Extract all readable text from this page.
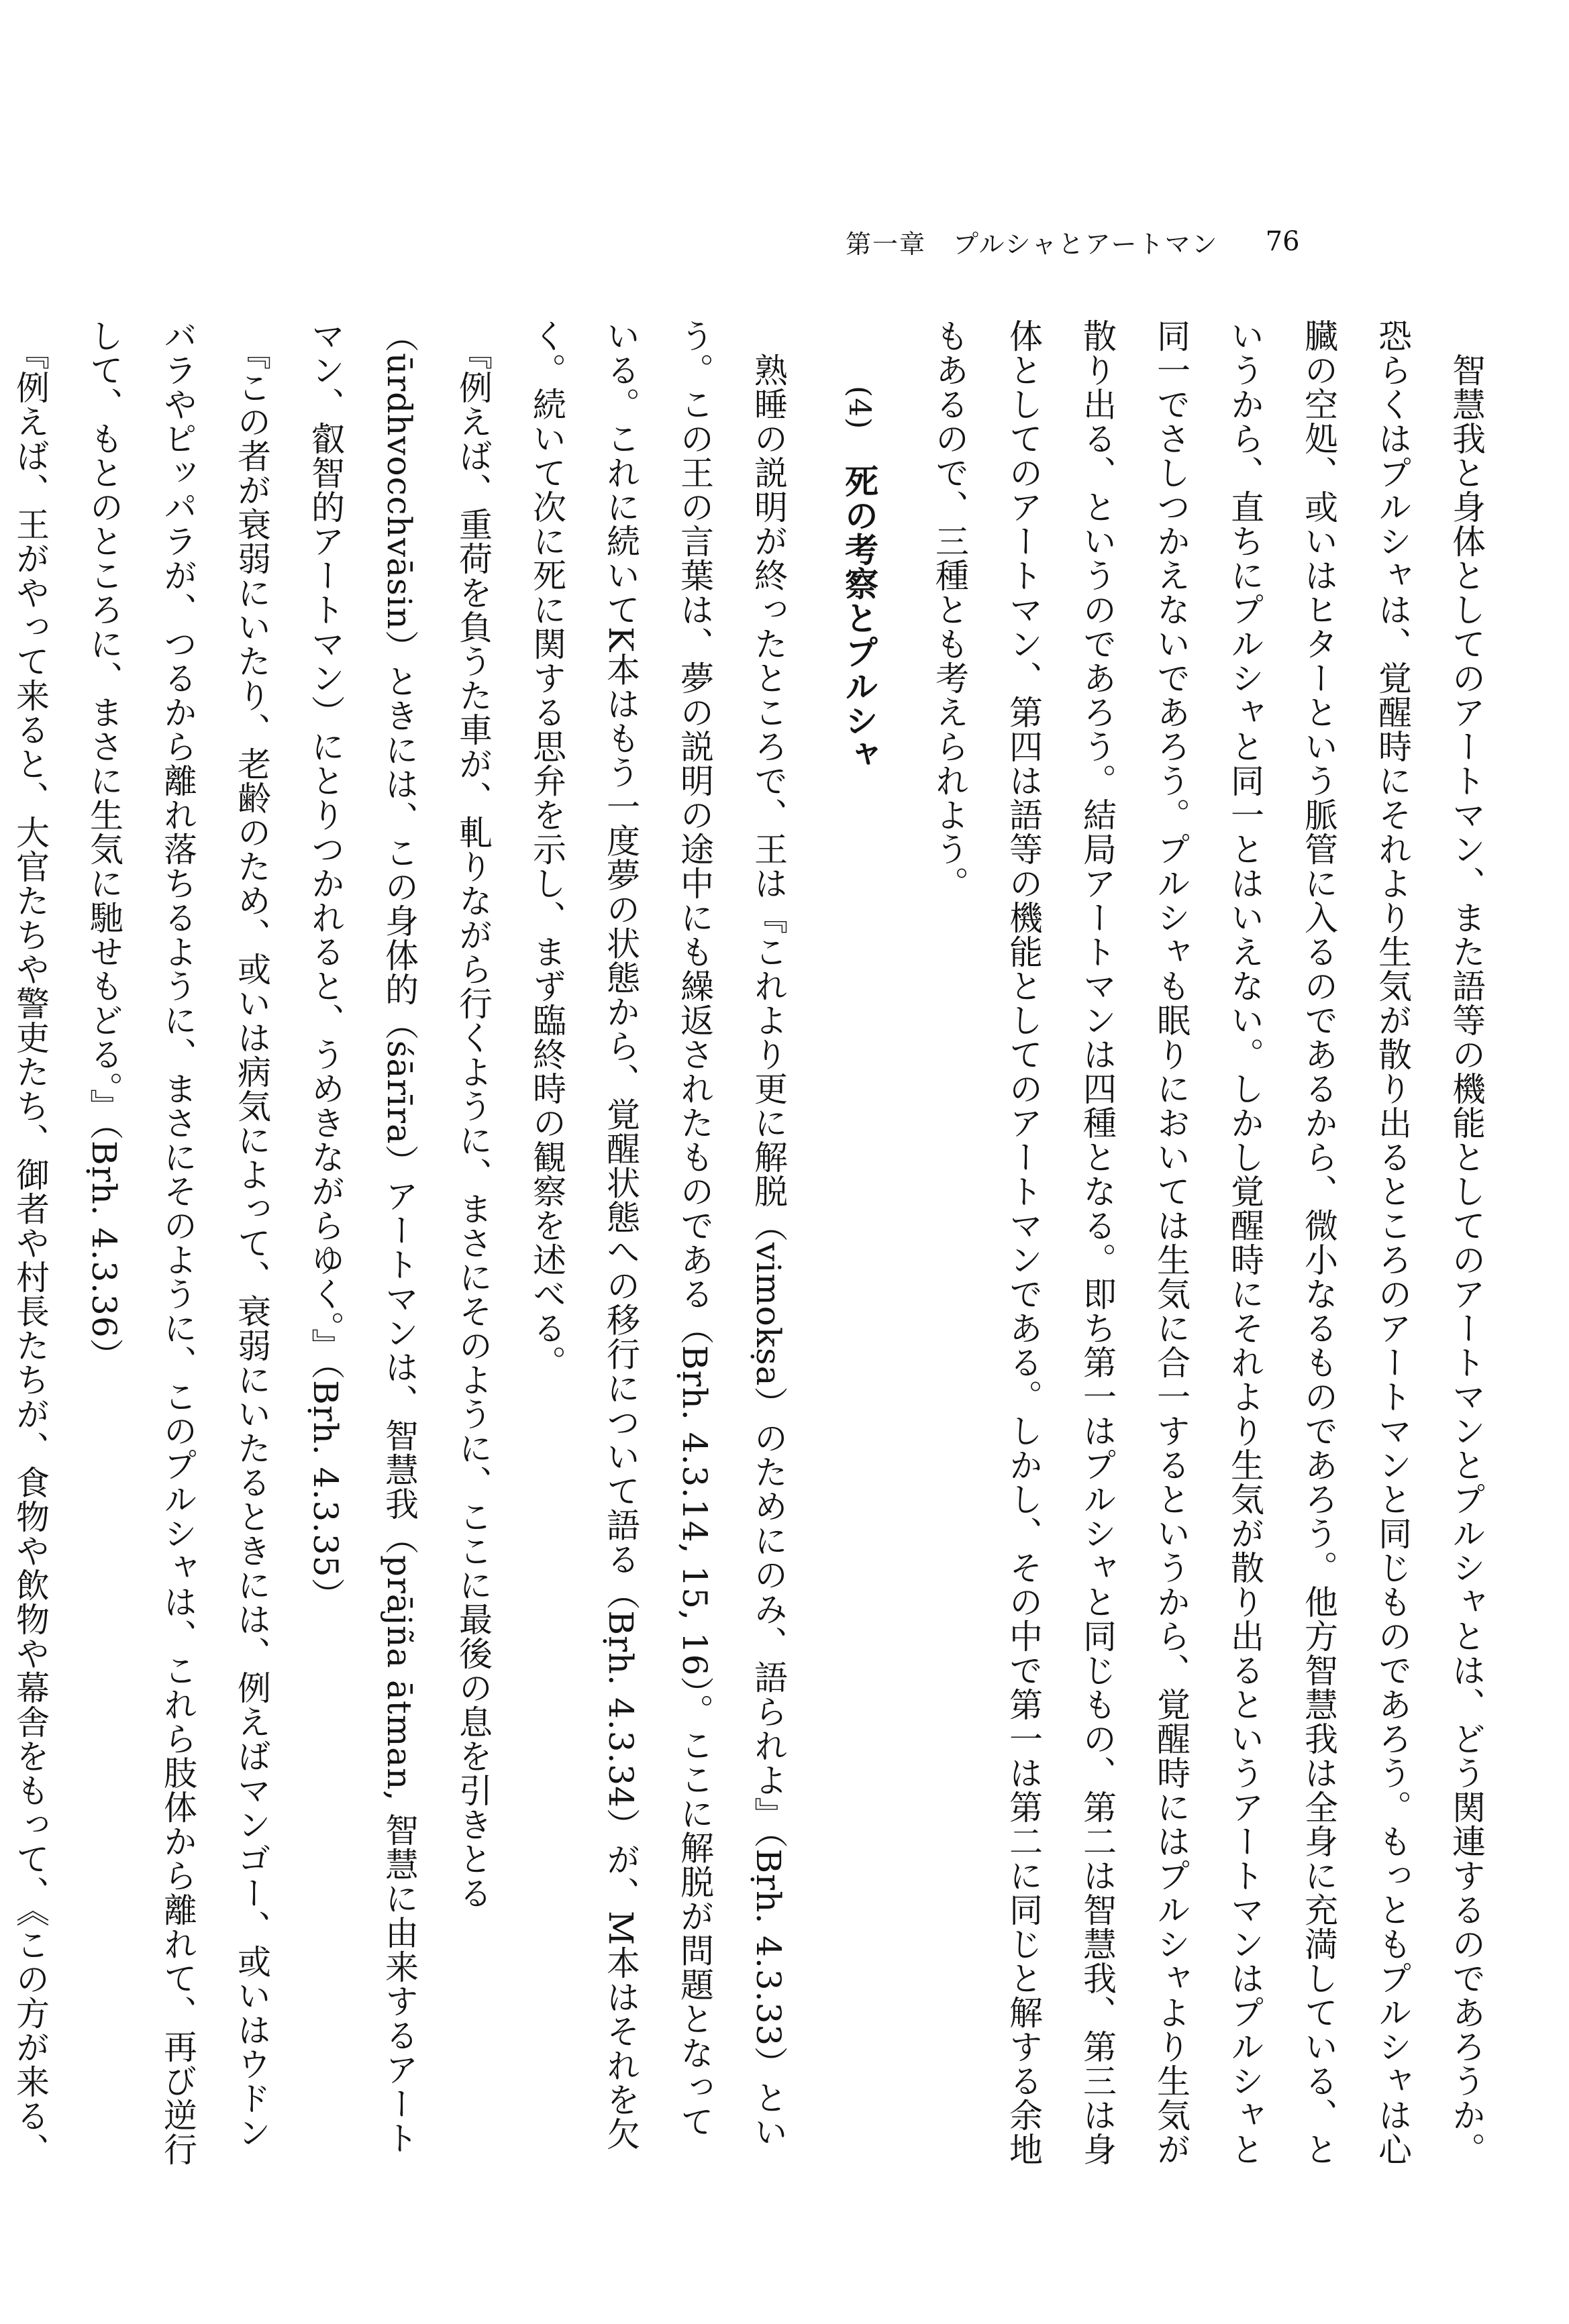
第一章　プルシャとアートマン 76

　智慧我と身体としてのアートマン、また語等の機能としてのアートマンとプルシャとは、どう関連するのであろうか。恐らくはプルシャは、覚醒時にそれより生気が散り出るところのアートマンと同じものであろう。もっともプルシャは心臓の空処、或いはヒターという脈管に入るのであるから、微小なるものであろう。他方智慧我は全身に充満している、というから、直ちにプルシャと同一とはいえない。しかし覚醒時にそれより生気が散り出るというアートマンはプルシャと同一でさしつかえないであろう。プルシャも眠りにおいては生気に合一するというから、覚醒時にはプルシャより生気が散り出る、というのであろう。結局アートマンは四種となる。即ち第一はプルシャと同じもの、第二は智慧我、第三は身体としてのアートマン、第四は語等の機能としてのアートマンである。しかし、その中で第一は第二に同じと解する余地もあるので、三種とも考えられよう。

(4)　死の考察とプルシャ

　熟睡の説明が終ったところで、王は『これより更に解脱（vimokṣa）のためにのみ、語られよ』（Bṛh. 4.3.33）という。この王の言葉は、夢の説明の途中にも繰返されたものである（Bṛh. 4.3.14, 15, 16）。ここに解脱が問題となっている。これに続いてK本はもう一度夢の状態から、覚醒状態への移行について語る（Bṛh. 4.3.34）が、M本はそれを欠く。続いて次に死に関する思弁を示し、まず臨終時の観察を述べる。

　『例えば、重荷を負うた車が、軋りながら行くように、まさにそのように、ここに最後の息を引きとる（ūrdhvocchvāsin）ときには、この身体的（śārīra）アートマンは、智慧我（prājña ātman, 智慧に由来するアートマン、叡智的アートマン）にとりつかれると、うめきながらゆく。』（Bṛh. 4.3.35）

　『この者が衰弱にいたり、老齢のため、或いは病気によって、衰弱にいたるときには、例えばマンゴー、或いはウドンバラやピッパラが、つるから離れ落ちるように、まさにそのように、このプルシャは、これら肢体から離れて、再び逆行して、もとのところに、まさに生気に馳せもどる。』（Bṛh. 4.3.36）

　『例えば、王がやって来ると、大官たちや警吏たち、御者や村長たちが、食物や飲物や幕舎をもって、《この方が来る、
